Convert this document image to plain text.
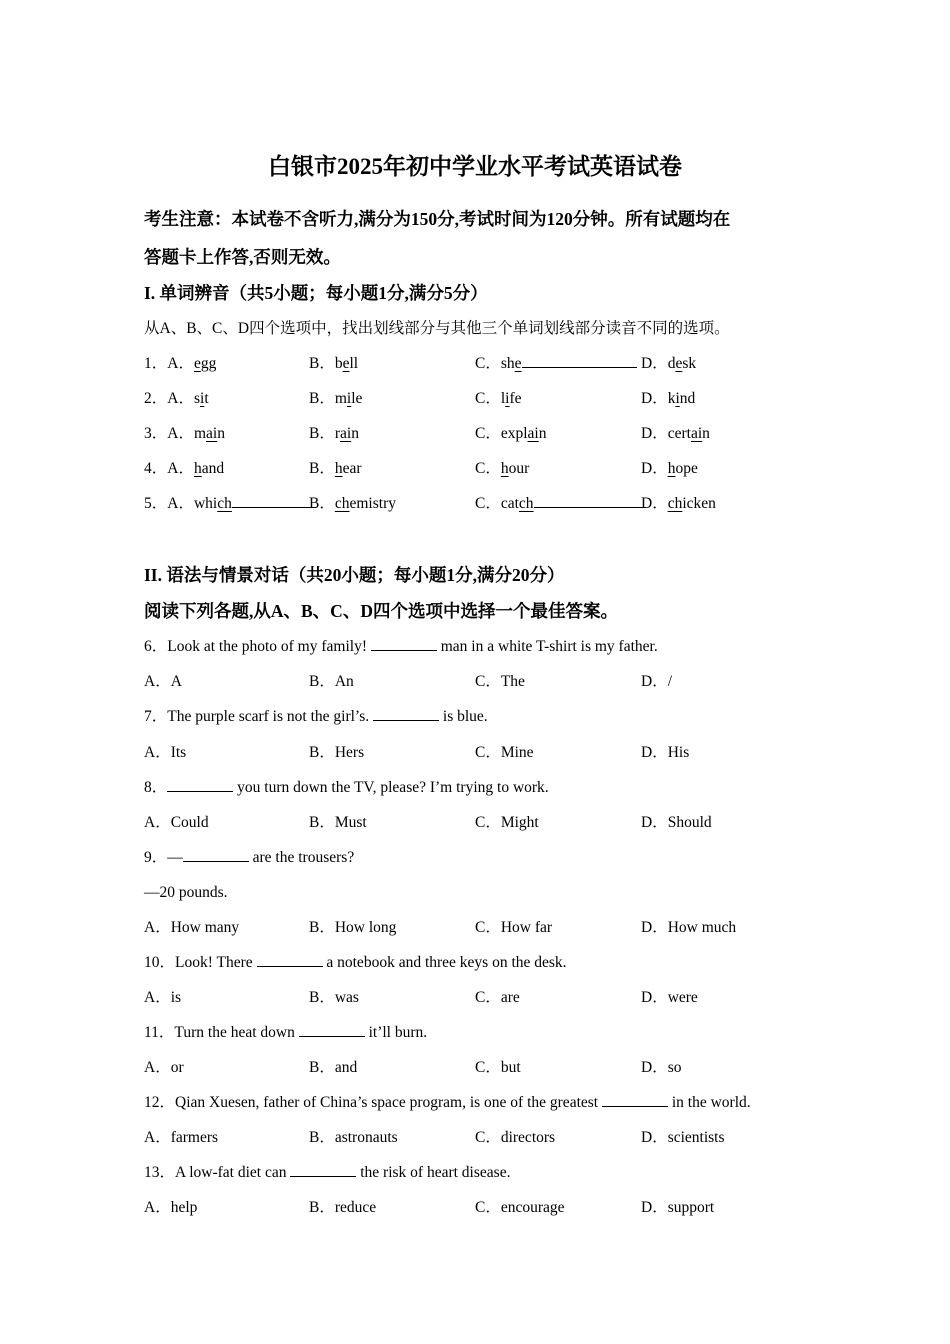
白银市2025年初中学业水平考试英语试卷
考生注意：本试卷不含听力,满分为150分,考试时间为120分钟。所有试题均在
答题卡上作答,否则无效。
I. 单词辨音（共5小题；每小题1分,满分5分）
从A、B、C、D四个选项中，找出划线部分与其他三个单词划线部分读音不同的选项。
1．A．egg	B．bell	C．she	D．desk
2．A．sit	B．mile	C．life	D．kind
3．A．main	B．rain	C．explain	D．certain
4．A．hand	B．hear	C．hour	D．hope
5．A．which	B．chemistry	C．catch	D．chicken
II. 语法与情景对话（共20小题；每小题1分,满分20分）
阅读下列各题,从A、B、C、D四个选项中选择一个最佳答案。
6．Look at the photo of my family!	man in a white T-shirt is my father.
A．A	B．An	C．The	D．/
7．The purple scarf is not the girl’s.	is blue.
A．Its	B．Hers	C．Mine	D．His
8．	you turn down the TV, please? I’m trying to work.
A．Could	B．Must	C．Might	D．Should
9．—	are the trousers?
—20 pounds.
A．How many	B．How long	C．How far	D．How much
10．Look! There	a notebook and three keys on the desk.
A．is	B．was	C．are	D．were
11．Turn the heat down	it’ll burn.
A．or	B．and	C．but	D．so
12．Qian Xuesen, father of China’s space program, is one of the greatest	in the world.
A．farmers	B．astronauts	C．directors	D．scientists
13．A low-fat diet can	the risk of heart disease.
A．help	B．reduce	C．encourage	D．support
